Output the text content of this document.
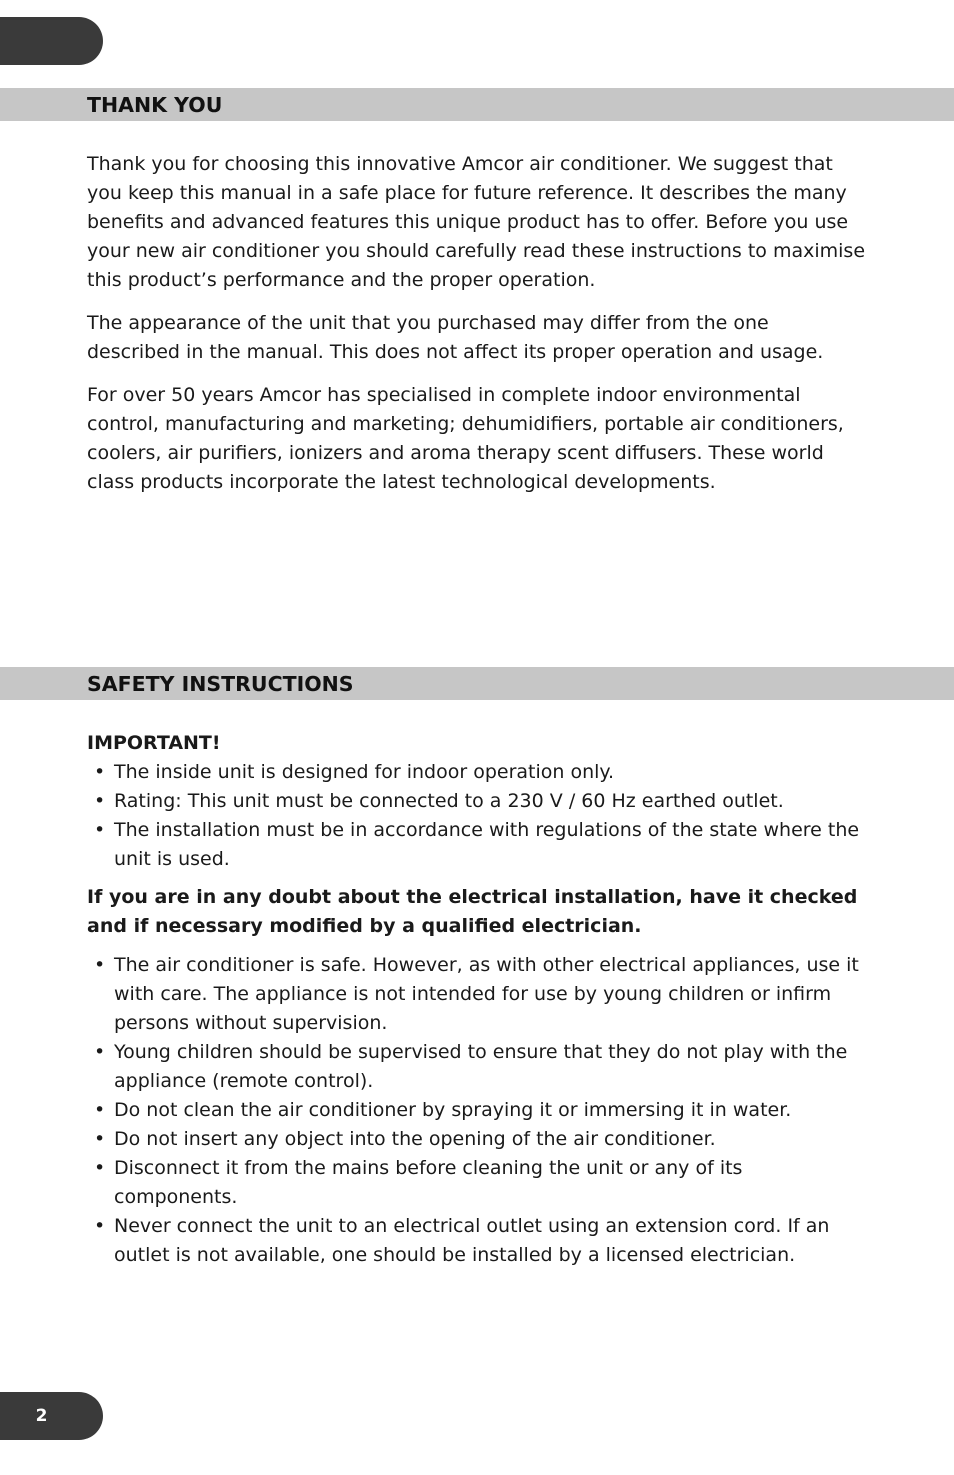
THANK YOU

Thank you for choosing this innovative Amcor air conditioner. We suggest that you keep this manual in a safe place for future reference. It describes the many benefits and advanced features this unique product has to offer. Before you use your new air conditioner you should carefully read these instructions to maximise this product’s performance and the proper operation.

The appearance of the unit that you purchased may differ from the one described in the manual. This does not affect its proper operation and usage.

For over 50 years Amcor has specialised in complete indoor environmental control, manufacturing and marketing; dehumidifiers, portable air conditioners, coolers, air purifiers, ionizers and aroma therapy scent diffusers. These world class products incorporate the latest technological developments.

SAFETY INSTRUCTIONS

IMPORTANT!

• The inside unit is designed for indoor operation only.
• Rating: This unit must be connected to a 230 V / 60 Hz earthed outlet.
• The installation must be in accordance with regulations of the state where the unit is used.

If you are in any doubt about the electrical installation, have it checked and if necessary modified by a qualified electrician.

• The air conditioner is safe. However, as with other electrical appliances, use it with care. The appliance is not intended for use by young children or infirm persons without supervision.
• Young children should be supervised to ensure that they do not play with the appliance (remote control).
• Do not clean the air conditioner by spraying it or immersing it in water.
• Do not insert any object into the opening of the air conditioner.
• Disconnect it from the mains before cleaning the unit or any of its components.
• Never connect the unit to an electrical outlet using an extension cord. If an outlet is not available, one should be installed by a licensed electrician.
2
